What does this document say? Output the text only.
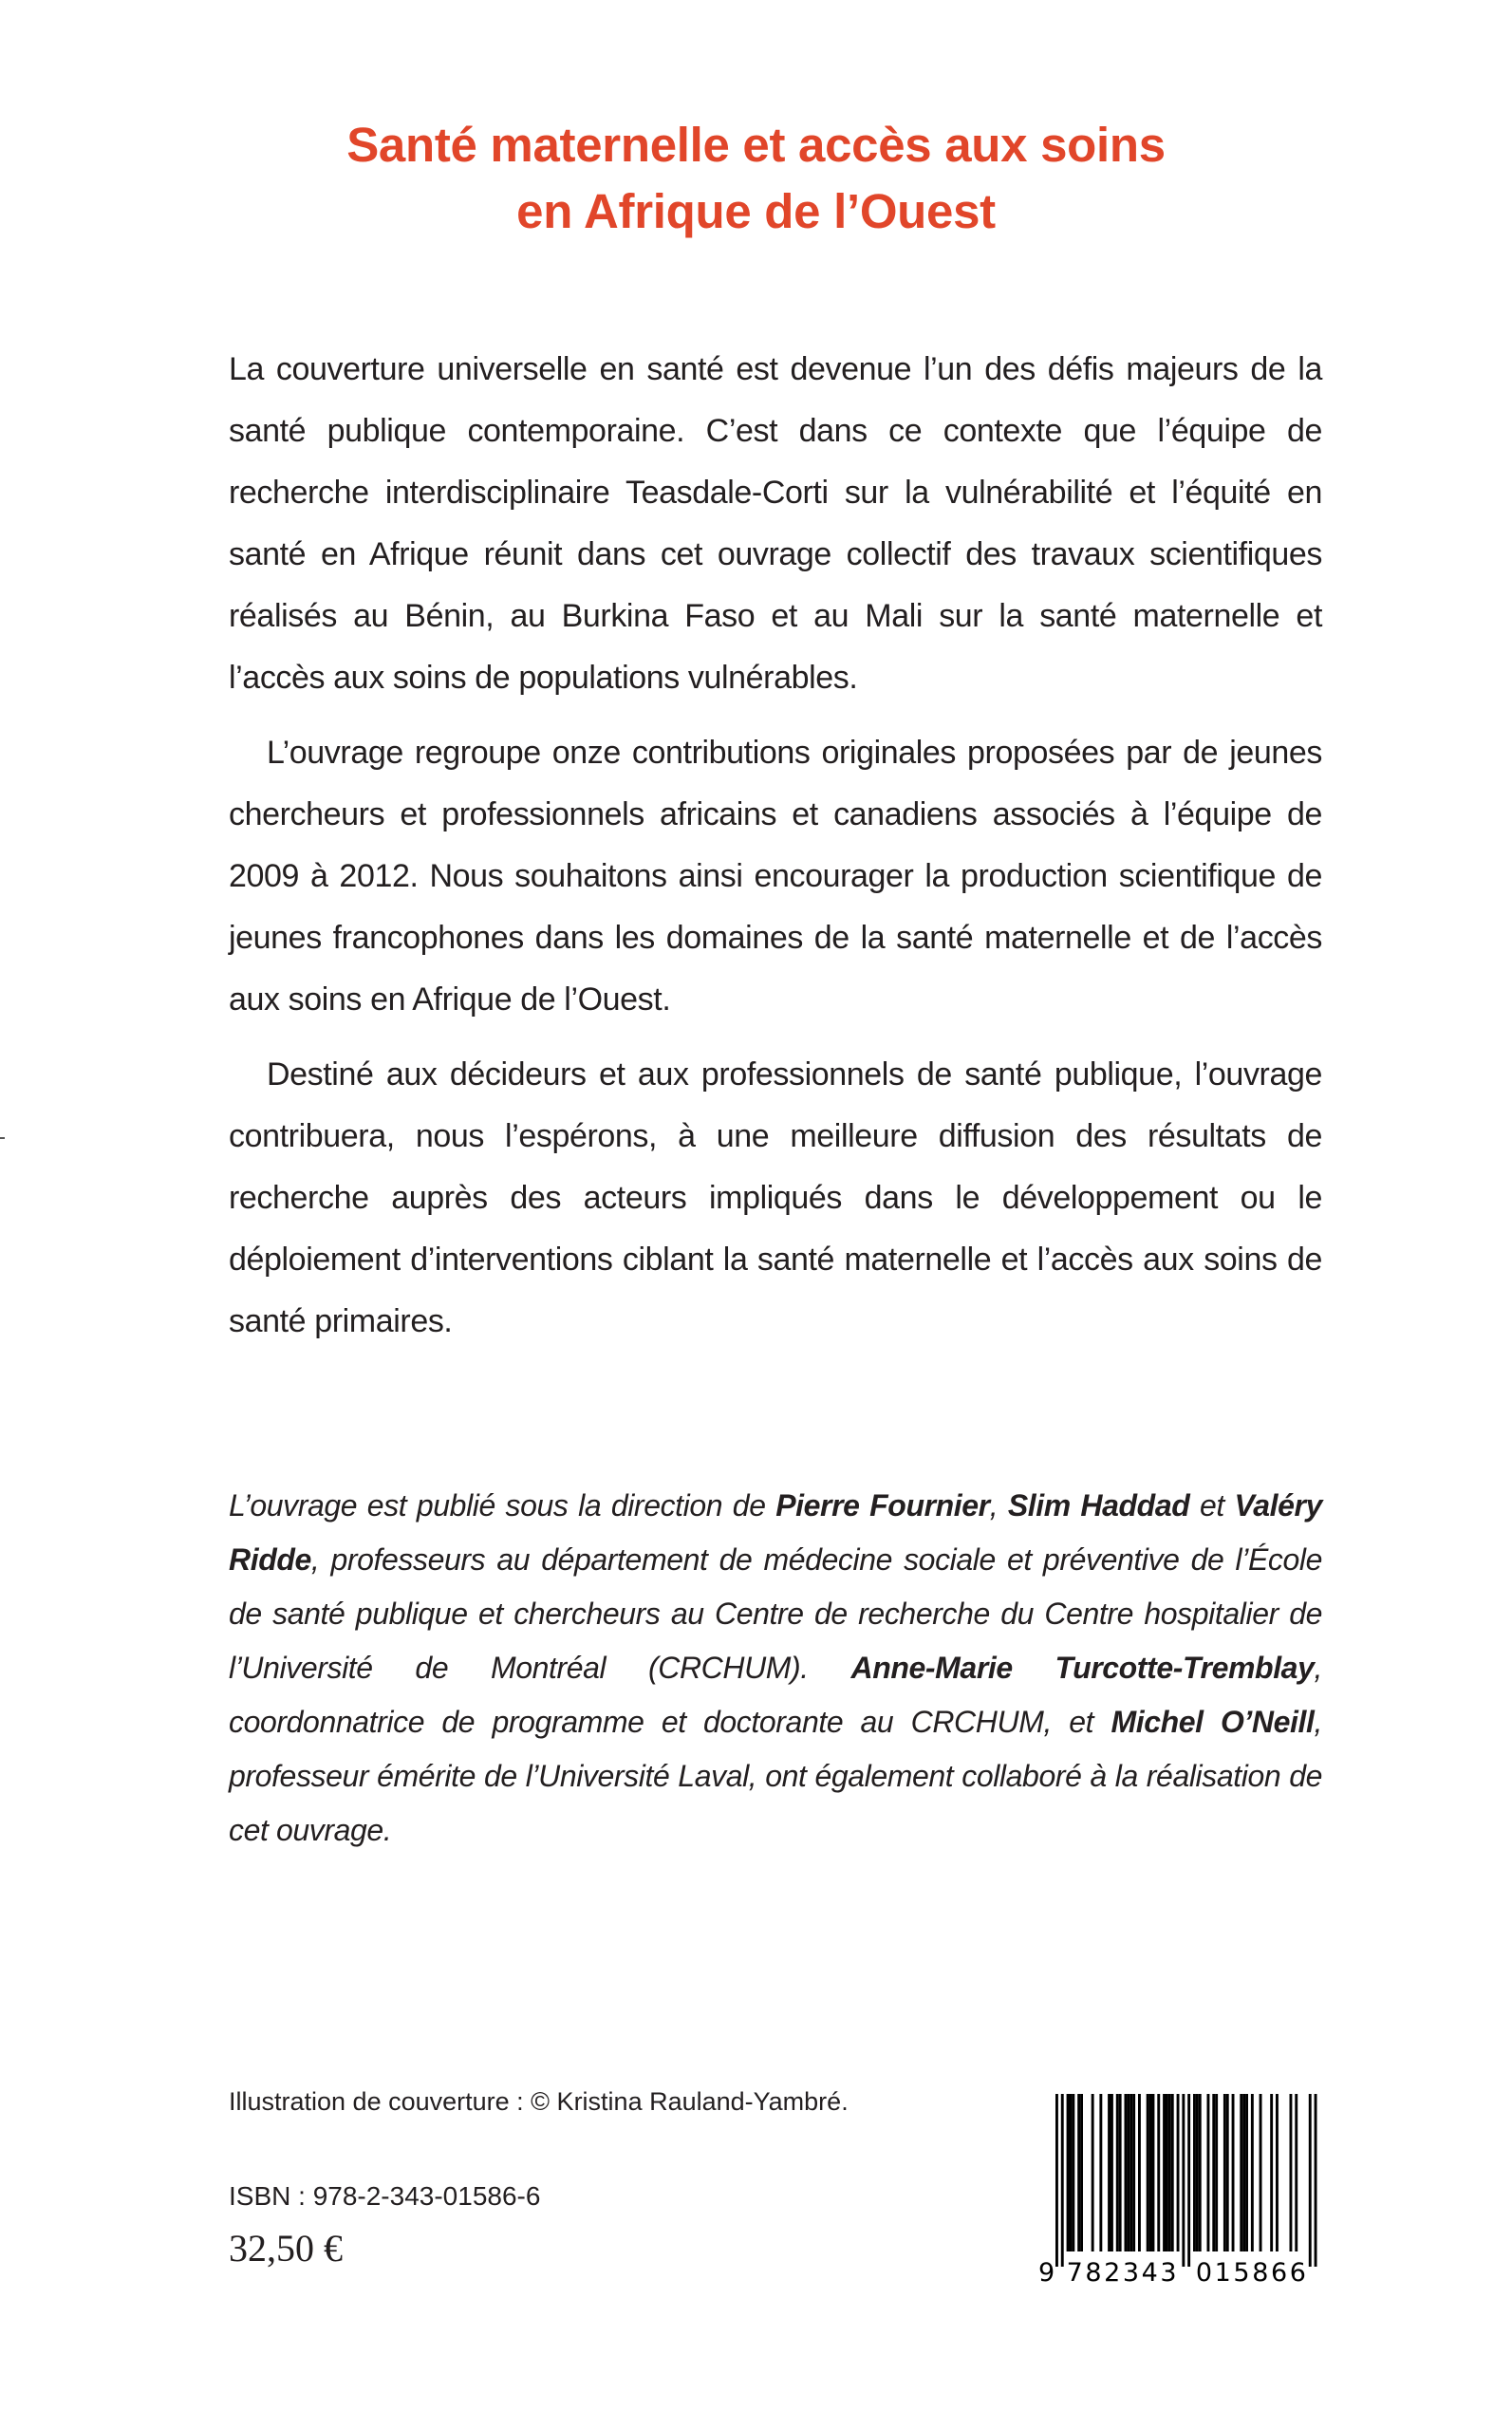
Santé maternelle et accès aux soins
en Afrique de l’Ouest

La couverture universelle en santé est devenue l’un des défis majeurs de la santé publique contemporaine. C’est dans ce contexte que l’équipe de recherche interdisciplinaire Teasdale-Corti sur la vulnérabilité et l’équité en santé en Afrique réunit dans cet ouvrage collectif des travaux scientifiques réalisés au Bénin, au Burkina Faso et au Mali sur la santé maternelle et l’accès aux soins de populations vulnérables.

L’ouvrage regroupe onze contributions originales proposées par de jeunes chercheurs et professionnels africains et canadiens associés à l’équipe de 2009 à 2012. Nous souhaitons ainsi encourager la production scientifique de jeunes francophones dans les domaines de la santé maternelle et de l’accès aux soins en Afrique de l’Ouest.

Destiné aux décideurs et aux professionnels de santé publique, l’ouvrage contribuera, nous l’espérons, à une meilleure diffusion des résultats de recherche auprès des acteurs impliqués dans le développement ou le déploiement d’interventions ciblant la santé maternelle et l’accès aux soins de santé primaires.

L’ouvrage est publié sous la direction de Pierre Fournier, Slim Haddad et Valéry Ridde, professeurs au département de médecine sociale et préventive de l’École de santé publique et chercheurs au Centre de recherche du Centre hospitalier de l’Université de Montréal (CRCHUM). Anne-Marie Turcotte-Tremblay, coordonnatrice de programme et doctorante au CRCHUM, et Michel O’Neill, professeur émérite de l’Université Laval, ont également collaboré à la réalisation de cet ouvrage.
Illustration de couverture : © Kristina Rauland-Yambré.
ISBN : 978-2-343-01586-6
32,50 €
9 782343 015866
